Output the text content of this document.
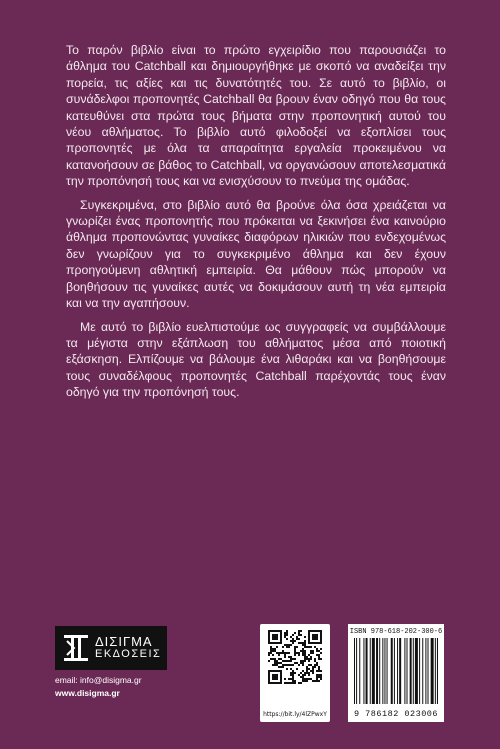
Το παρόν βιβλίο είναι το πρώτο εγχειρίδιο που παρουσιάζει το άθλημα του Catchball και δημιουργήθηκε με σκοπό να αναδείξει την πορεία, τις αξίες και τις δυνατότητές του. Σε αυτό το βιβλίο, οι συνάδελφοι προπονητές Catchball θα βρουν έναν οδηγό που θα τους κατευθύνει στα πρώτα τους βήματα στην προπονητική αυτού του νέου αθλήματος. Το βιβλίο αυτό φιλοδοξεί να εξοπλίσει τους προπονητές με όλα τα απαραίτητα εργαλεία προκειμένου να κατανοήσουν σε βάθος το Catchball, να οργανώσουν αποτελεσματικά την προπόνησή τους και να ενισχύσουν το πνεύμα της ομάδας.

Συγκεκριμένα, στο βιβλίο αυτό θα βρούνε όλα όσα χρειάζεται να γνωρίζει ένας προπονητής που πρόκειται να ξεκινήσει ένα καινούριο άθλημα προπονώντας γυναίκες διαφόρων ηλικιών που ενδεχομένως δεν γνωρίζουν για το συγκεκριμένο άθλημα και δεν έχουν προηγούμενη αθλητική εμπειρία. Θα μάθουν πώς μπορούν να βοηθήσουν τις γυναίκες αυτές να δοκιμάσουν αυτή τη νέα εμπειρία και να την αγαπήσουν.

Με αυτό το βιβλίο ευελπιστούμε ως συγγραφείς να συμβάλλουμε τα μέγιστα στην εξάπλωση του αθλήματος μέσα από ποιοτική εξάσκηση. Ελπίζουμε να βάλουμε ένα λιθαράκι και να βοηθήσουμε τους συναδέλφους προπονητές Catchball παρέχοντάς τους έναν οδηγό για την προπόνησή τους.

ΔΙΣΙΓΜΑ
ΕΚΔΟΣΕΙΣ
email: info@disigma.gr
www.disigma.gr
https://bit.ly/4lZPwxY
ISBN 978-618-202-300-6
9 786182 023006
